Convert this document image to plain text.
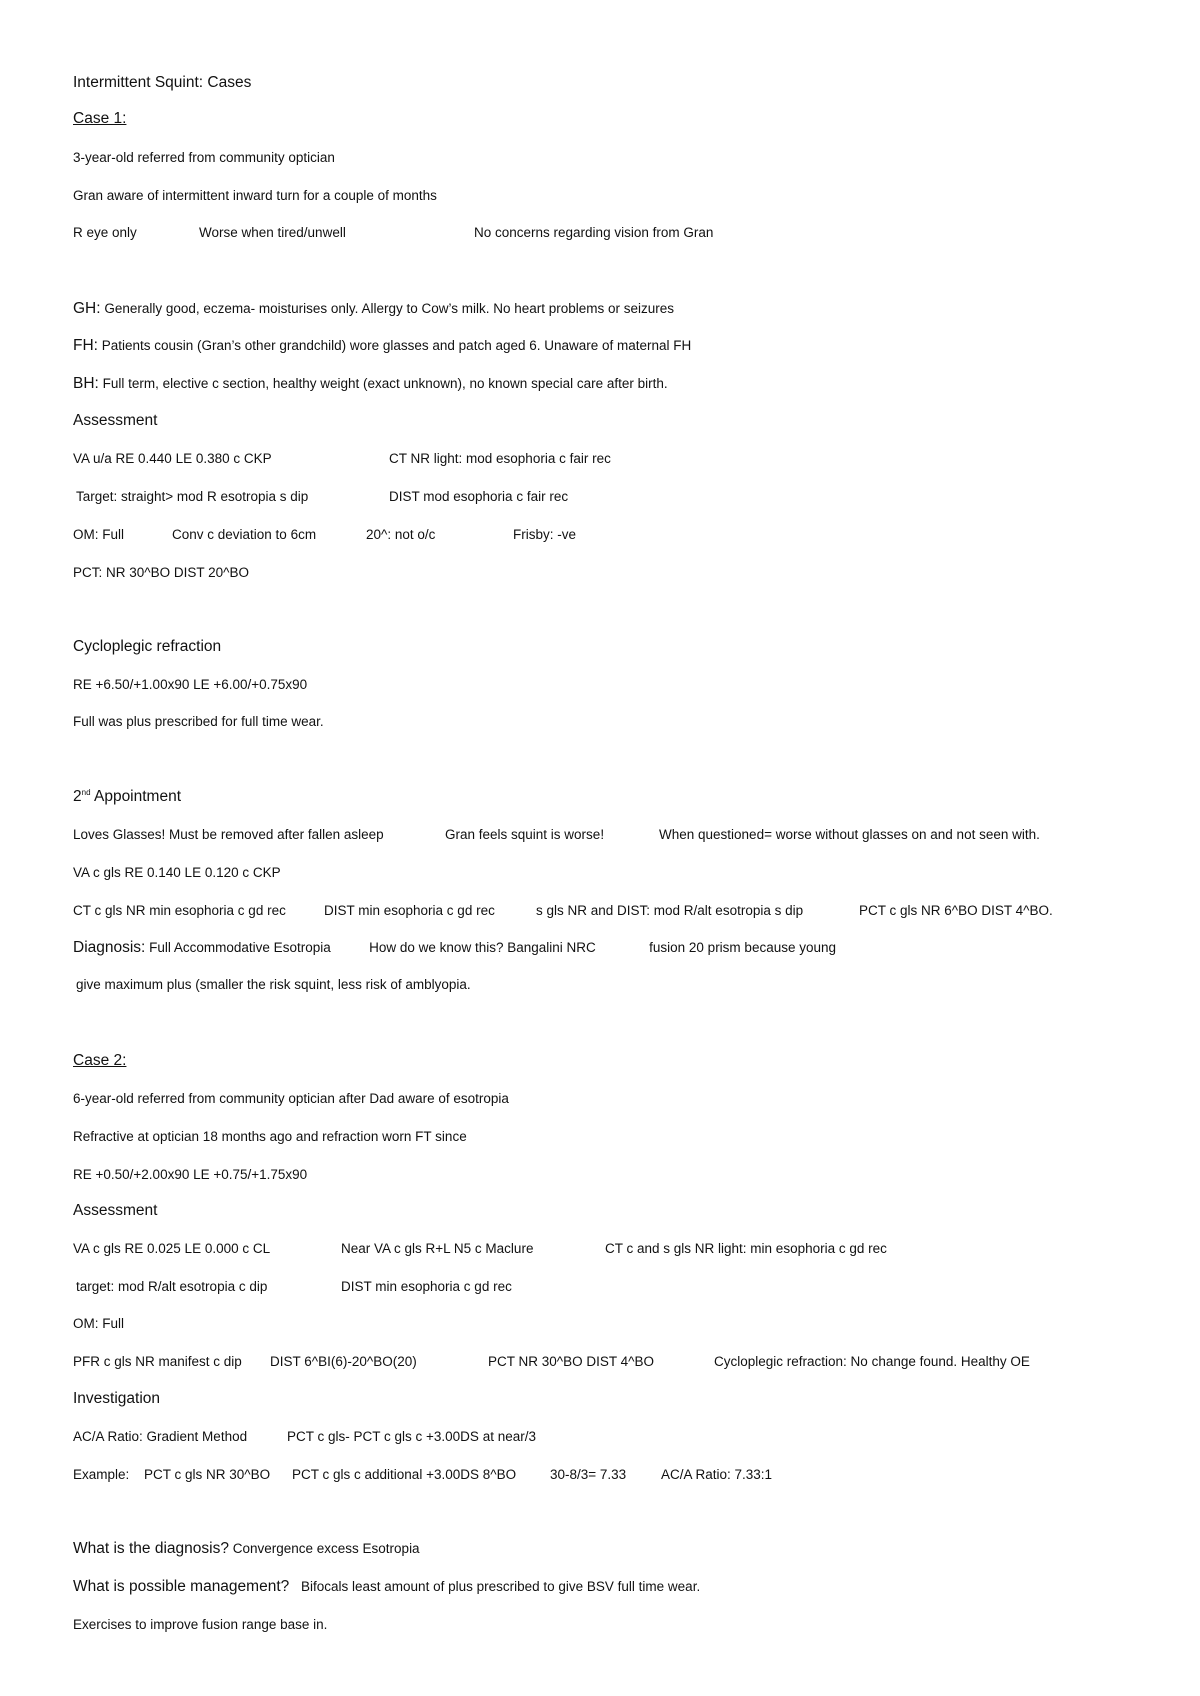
Intermittent Squint: Cases
Case 1:
3-year-old referred from community optician
Gran aware of intermittent inward turn for a couple of months
R eye only	Worse when tired/unwell	No concerns regarding vision from Gran
GH: Generally good, eczema- moisturises only. Allergy to Cow’s milk. No heart problems or seizures
FH: Patients cousin (Gran’s other grandchild) wore glasses and patch aged 6. Unaware of maternal FH
BH: Full term, elective c section, healthy weight (exact unknown), no known special care after birth.
Assessment
VA u/a RE 0.440 LE 0.380 c CKP	CT NR light: mod esophoria c fair rec
Target: straight> mod R esotropia s dip	DIST mod esophoria c fair rec
OM: Full	Conv c deviation to 6cm	20^: not o/c	Frisby: -ve
PCT: NR 30^BO DIST 20^BO
Cycloplegic refraction
RE +6.50/+1.00x90 LE +6.00/+0.75x90
Full was plus prescribed for full time wear.
2nd Appointment
Loves Glasses! Must be removed after fallen asleep	Gran feels squint is worse!	When questioned= worse without glasses on and not seen with.
VA c gls RE 0.140 LE 0.120 c CKP
CT c gls NR min esophoria c gd rec	DIST min esophoria c gd rec	s gls NR and DIST: mod R/alt esotropia s dip	PCT c gls NR 6^BO DIST 4^BO.
Diagnosis: Full Accommodative Esotropia	How do we know this? Bangalini NRC	fusion 20 prism because young
give maximum plus (smaller the risk squint, less risk of amblyopia.
Case 2:
6-year-old referred from community optician after Dad aware of esotropia
Refractive at optician 18 months ago and refraction worn FT since
RE +0.50/+2.00x90 LE +0.75/+1.75x90
Assessment
VA c gls RE 0.025 LE 0.000 c CL	Near VA c gls R+L N5 c Maclure	CT c and s gls NR light: min esophoria c gd rec
target: mod R/alt esotropia c dip	DIST min esophoria c gd rec
OM: Full
PFR c gls NR manifest c dip DIST 6^BI(6)-20^BO(20)	PCT NR 30^BO DIST 4^BO	Cycloplegic refraction: No change found. Healthy OE
Investigation
AC/A Ratio: Gradient Method	PCT c gls- PCT c gls c +3.00DS at near/3
Example: PCT c gls NR 30^BO PCT c gls c additional +3.00DS 8^BO	30-8/3= 7.33	AC/A Ratio: 7.33:1
What is the diagnosis? Convergence excess Esotropia
What is possible management? Bifocals least amount of plus prescribed to give BSV full time wear.
Exercises to improve fusion range base in.
